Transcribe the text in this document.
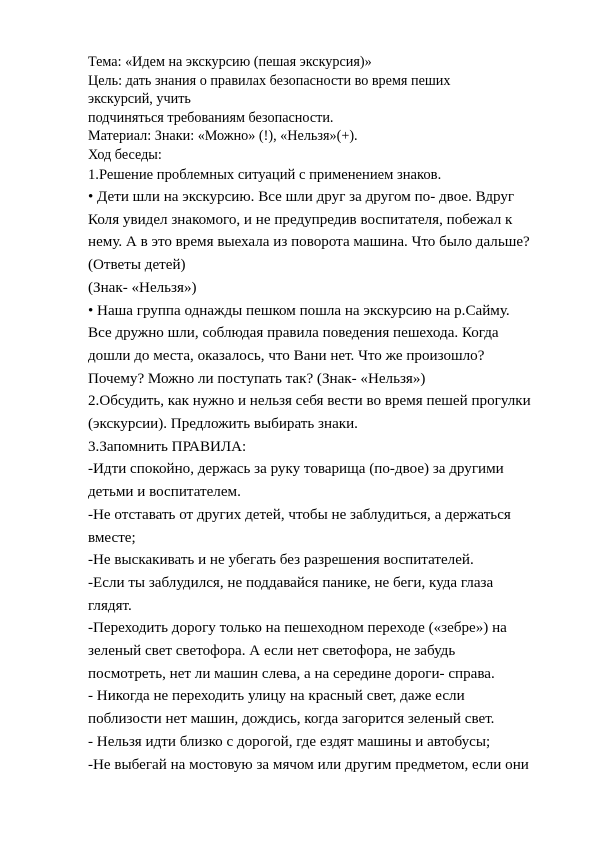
Тема: «Идем на экскурсию (пешая экскурсия)»

Цель: дать знания о правилах безопасности во время пеших

экскурсий, учить

подчиняться требованиям безопасности.

Материал: Знаки: «Можно» (!), «Нельзя»(+).

Ход беседы:

1.Решение проблемных ситуаций с применением знаков.

• Дети шли на экскурсию. Все шли друг за другом по- двое. Вдруг

Коля увидел знакомого, и не предупредив воспитателя, побежал к

нему. А в это время выехала из поворота машина. Что было дальше?

(Ответы детей)

(Знак- «Нельзя»)

• Наша группа однажды пешком пошла на экскурсию на р.Сайму.

Все дружно шли, соблюдая правила поведения пешехода. Когда

дошли до места, оказалось, что Вани нет. Что же произошло?

Почему? Можно ли поступать так? (Знак- «Нельзя»)

2.Обсудить, как нужно и нельзя себя вести во время пешей прогулки

(экскурсии). Предложить выбирать знаки.

3.Запомнить ПРАВИЛА:

-Идти спокойно, держась за руку товарища (по-двое) за другими

детьми и воспитателем.

-Не отставать от других детей, чтобы не заблудиться, а держаться

вместе;

-Не выскакивать и не убегать без разрешения воспитателей.

-Если ты заблудился, не поддавайся панике, не беги, куда глаза

глядят.

-Переходить дорогу только на пешеходном переходе («зебре») на

зеленый свет светофора. А если нет светофора, не забудь

посмотреть, нет ли машин слева, а на середине дороги- справа.

- Никогда не переходить улицу на красный свет, даже если

поблизости нет машин, дождись, когда загорится зеленый свет.

- Нельзя идти близко с дорогой, где ездят машины и автобусы;

-Не выбегай на мостовую за мячом или другим предметом, если они
